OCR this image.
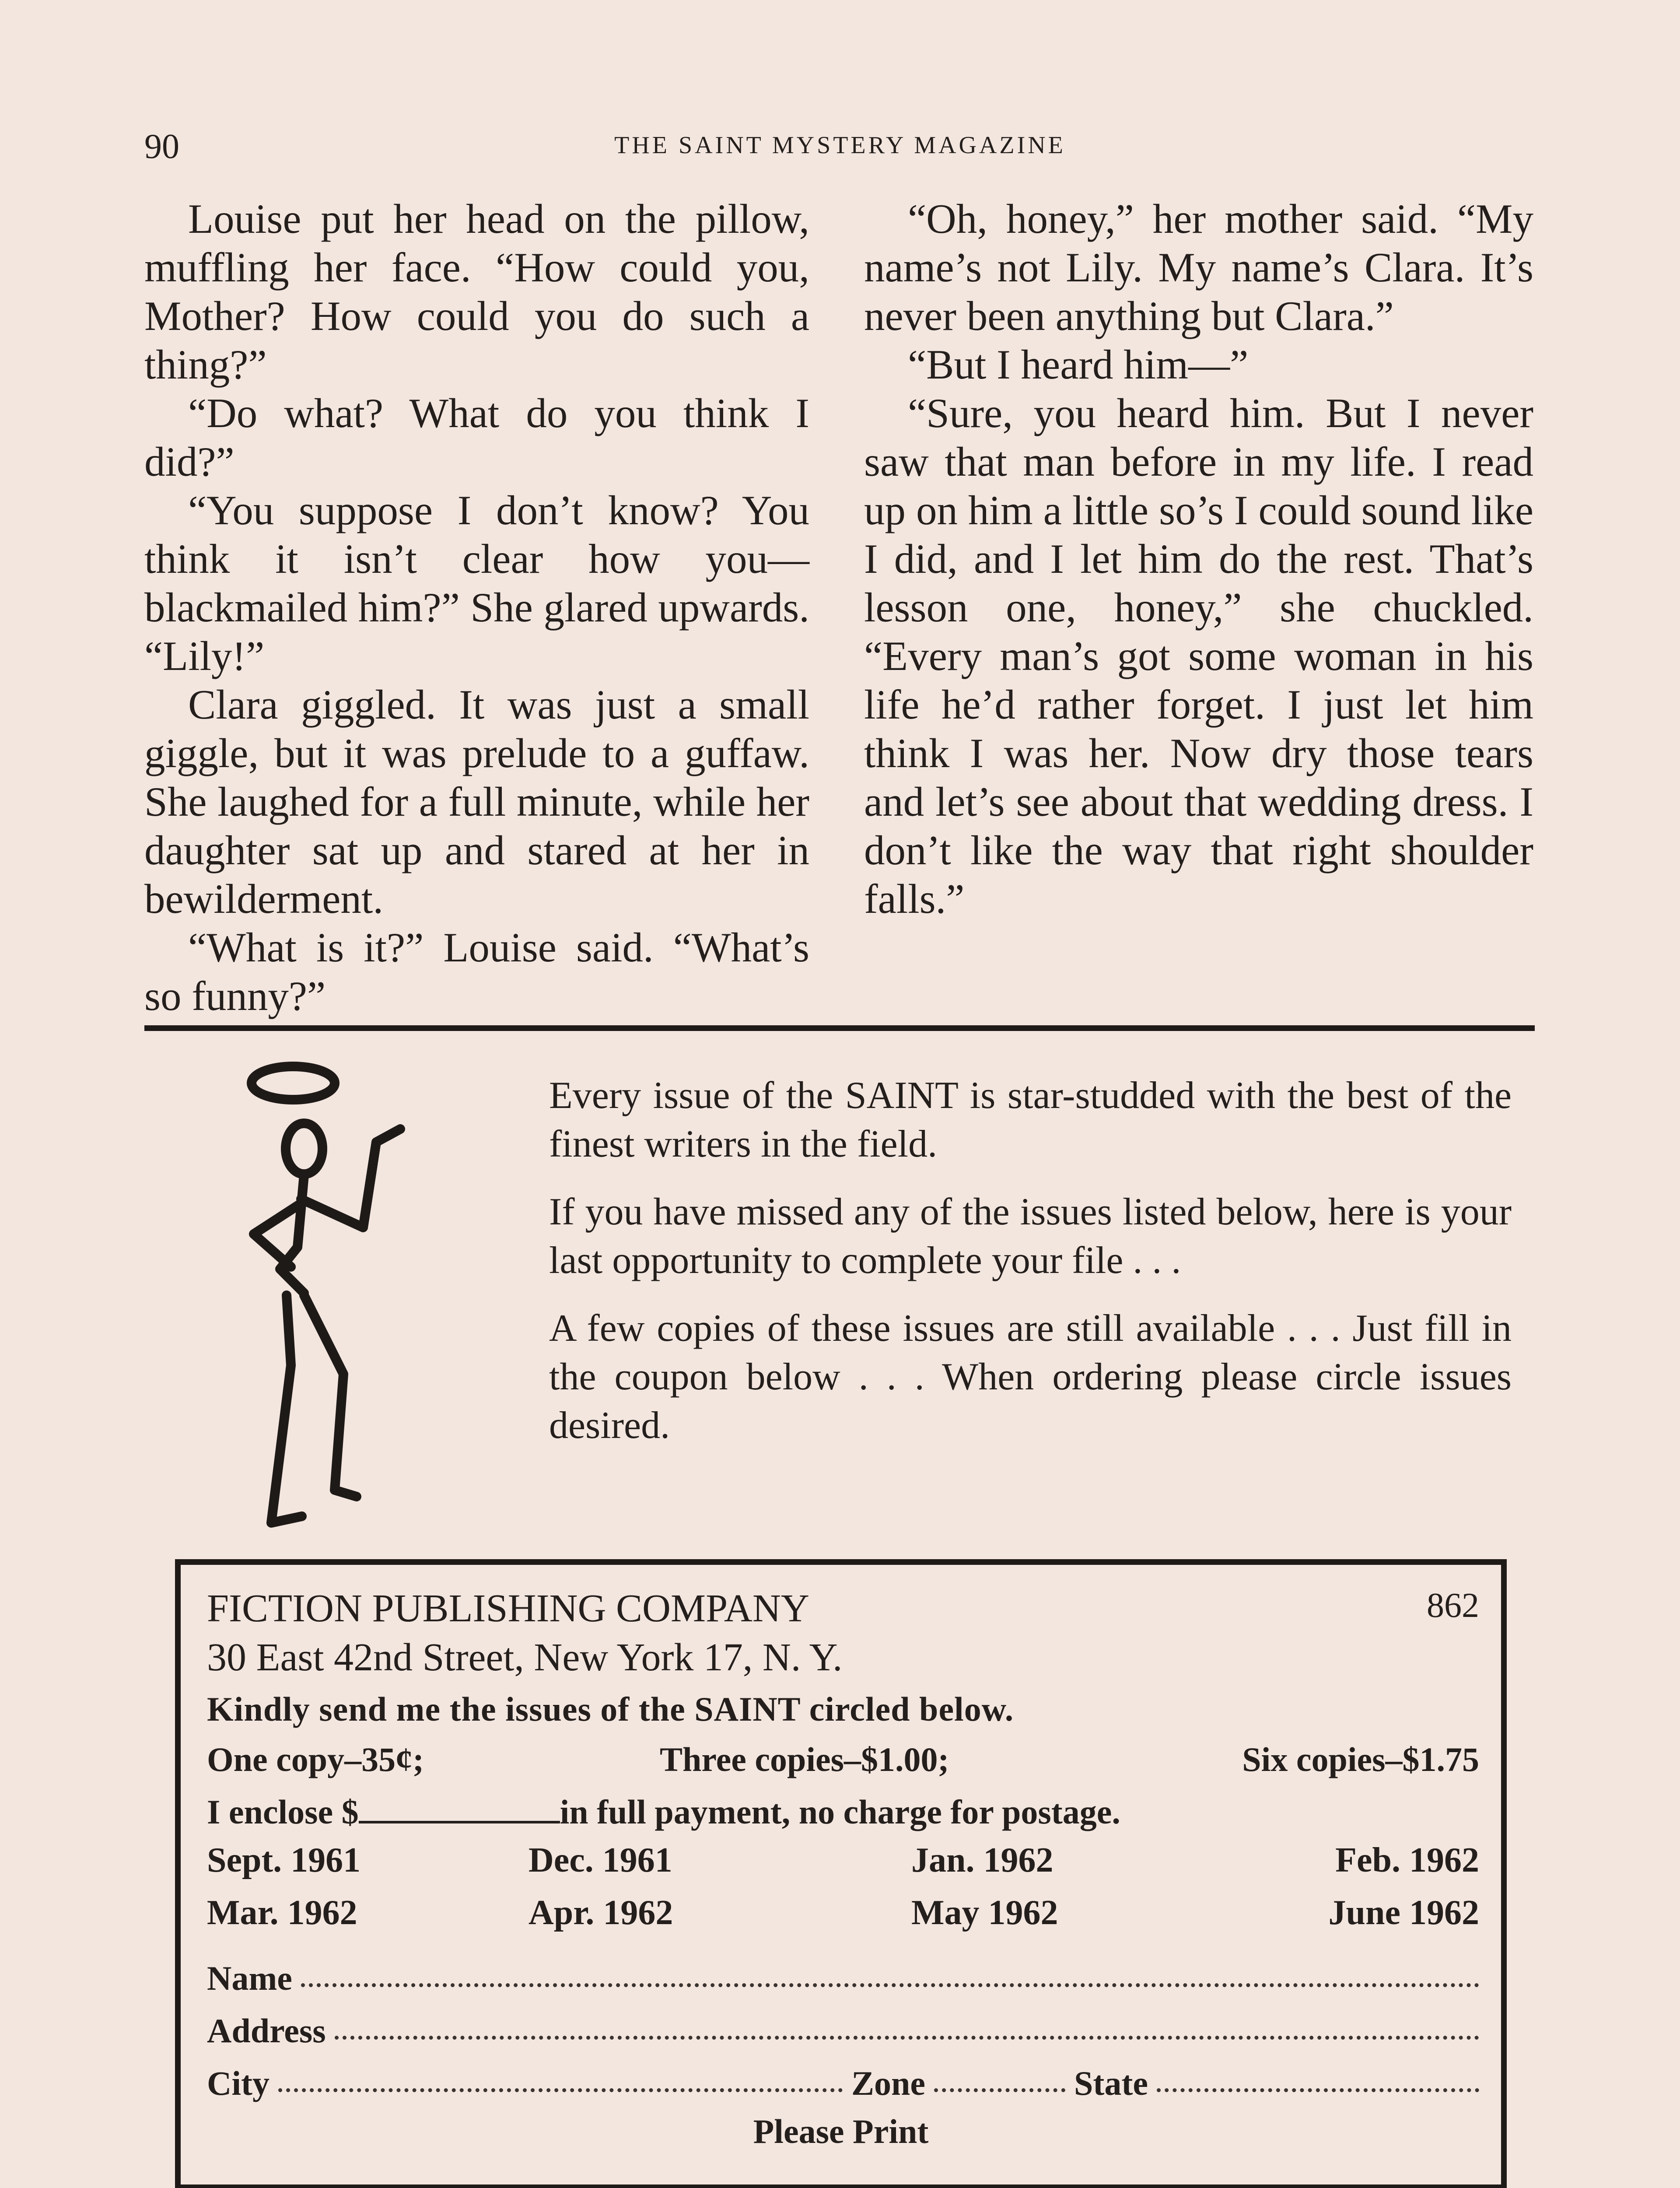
90	THE SAINT MYSTERY MAGAZINE

Louise put her head on the pillow, muffling her face. “How could you, Mother? How could you do such a thing?”

“Do what? What do you think I did?”

“You suppose I don’t know? You think it isn’t clear how you—blackmailed him?” She glared upwards. “Lily!”

Clara giggled. It was just a small giggle, but it was prelude to a guffaw. She laughed for a full minute, while her daughter sat up and stared at her in bewilderment.

“What is it?” Louise said. “What’s so funny?”

“Oh, honey,” her mother said. “My name’s not Lily. My name’s Clara. It’s never been anything but Clara.”

“But I heard him—”

“Sure, you heard him. But I never saw that man before in my life. I read up on him a little so’s I could sound like I did, and I let him do the rest. That’s lesson one, honey,” she chuckled. “Every man’s got some woman in his life he’d rather forget. I just let him think I was her. Now dry those tears and let’s see about that wedding dress. I don’t like the way that right shoulder falls.”

Every issue of the SAINT is star-studded with the best of the finest writers in the field.

If you have missed any of the issues listed below, here is your last opportunity to complete your file . . .

A few copies of these issues are still available . . . Just fill in the coupon below . . . When ordering please circle issues desired.

FICTION PUBLISHING COMPANY	862
30 East 42nd Street, New York 17, N. Y.
Kindly send me the issues of the SAINT circled below.
One copy–35¢;	Three copies–$1.00;	Six copies–$1.75
I enclose $	in full payment, no charge for postage.
Sept. 1961	Dec. 1961	Jan. 1962	Feb. 1962
Mar. 1962	Apr. 1962	May 1962	June 1962
Name
Address
City	Zone	State
Please Print
